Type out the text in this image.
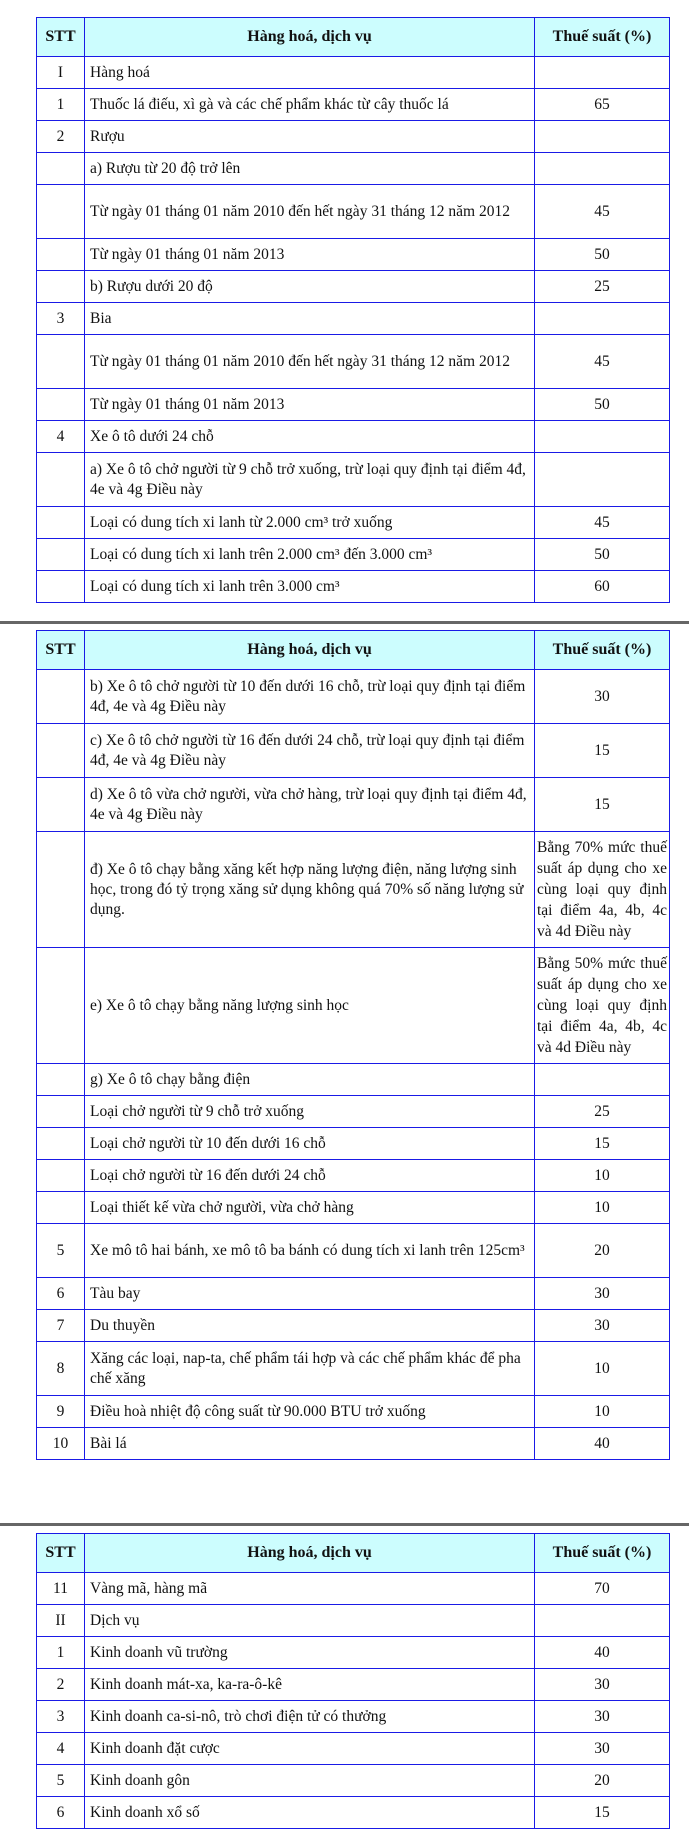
STT	Hàng hoá, dịch vụ	Thuế suất (%)
I	Hàng hoá	
1	Thuốc lá điếu, xì gà và các chế phẩm khác từ cây thuốc lá	65
2	Rượu	
	a) Rượu từ 20 độ trở lên	
	Từ ngày 01 tháng 01 năm 2010 đến hết ngày 31 tháng 12 năm 2012	45
	Từ ngày 01 tháng 01 năm 2013	50
	b) Rượu dưới 20 độ	25
3	Bia	
	Từ ngày 01 tháng 01 năm 2010 đến hết ngày 31 tháng 12 năm 2012	45
	Từ ngày 01 tháng 01 năm 2013	50
4	Xe ô tô dưới 24 chỗ	
	a) Xe ô tô chở người từ 9 chỗ trở xuống, trừ loại quy định tại điểm 4đ, 4e và 4g Điều này	
	Loại có dung tích xi lanh từ 2.000 cm³ trở xuống	45
	Loại có dung tích xi lanh trên 2.000 cm³ đến 3.000 cm³	50
	Loại có dung tích xi lanh trên 3.000 cm³	60
STT	Hàng hoá, dịch vụ	Thuế suất (%)
	b) Xe ô tô chở người từ 10 đến dưới 16 chỗ, trừ loại quy định tại điểm 4đ, 4e và 4g Điều này	30
	c) Xe ô tô chở người từ 16 đến dưới 24 chỗ, trừ loại quy định tại điểm 4đ, 4e và 4g Điều này	15
	d) Xe ô tô vừa chở người, vừa chở hàng, trừ loại quy định tại điểm 4đ, 4e và 4g Điều này	15
	đ) Xe ô tô chạy bằng xăng kết hợp năng lượng điện, năng lượng sinh học, trong đó tỷ trọng xăng sử dụng không quá 70% số năng lượng sử dụng.	Bằng 70% mức thuế suất áp dụng cho xe cùng loại quy định tại điểm 4a, 4b, 4c và 4d Điều này
	e) Xe ô tô chạy bằng năng lượng sinh học	Bằng 50% mức thuế suất áp dụng cho xe cùng loại quy định tại điểm 4a, 4b, 4c và 4d Điều này
	g) Xe ô tô chạy bằng điện	
	Loại chở người từ 9 chỗ trở xuống	25
	Loại chở người từ 10 đến dưới 16 chỗ	15
	Loại chở người từ 16 đến dưới 24 chỗ	10
	Loại thiết kế vừa chở người, vừa chở hàng	10
5	Xe mô tô hai bánh, xe mô tô ba bánh có dung tích xi lanh trên 125cm³	20
6	Tàu bay	30
7	Du thuyền	30
8	Xăng các loại, nap-ta, chế phẩm tái hợp và các chế phẩm khác để pha chế xăng	10
9	Điều hoà nhiệt độ công suất từ 90.000 BTU trở xuống	10
10	Bài lá	40
STT	Hàng hoá, dịch vụ	Thuế suất (%)
11	Vàng mã, hàng mã	70
II	Dịch vụ	
1	Kinh doanh vũ trường	40
2	Kinh doanh mát-xa, ka-ra-ô-kê	30
3	Kinh doanh ca-si-nô, trò chơi điện tử có thưởng	30
4	Kinh doanh đặt cược	30
5	Kinh doanh gôn	20
6	Kinh doanh xổ số	15
